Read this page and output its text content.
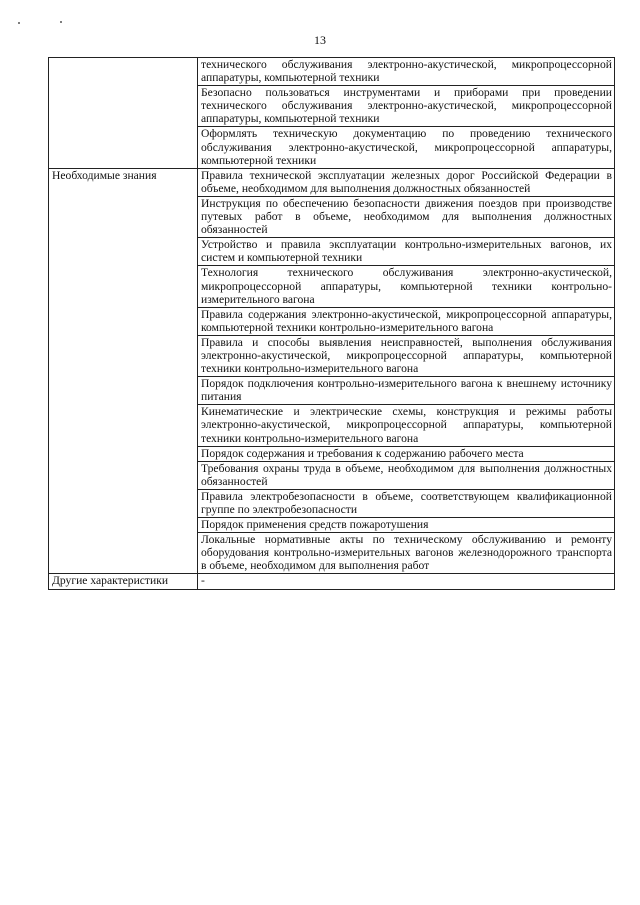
13
	технического обслуживания электронно-акустической, микропроцессорной аппаратуры, компьютерной техники
	Безопасно пользоваться инструментами и приборами при проведении технического обслуживания электронно-акустической, микропроцессорной аппаратуры, компьютерной техники
	Оформлять техническую документацию по проведению технического обслуживания электронно-акустической, микропроцессорной аппаратуры, компьютерной техники
Необходимые знания	Правила технической эксплуатации железных дорог Российской Федерации в объеме, необходимом для выполнения должностных обязанностей
	Инструкция по обеспечению безопасности движения поездов при производстве путевых работ в объеме, необходимом для выполнения должностных обязанностей
	Устройство и правила эксплуатации контрольно-измерительных вагонов, их систем и компьютерной техники
	Технология технического обслуживания электронно-акустической, микропроцессорной аппаратуры, компьютерной техники контрольно-измерительного вагона
	Правила содержания электронно-акустической, микропроцессорной аппаратуры, компьютерной техники контрольно-измерительного вагона
	Правила и способы выявления неисправностей, выполнения обслуживания электронно-акустической, микропроцессорной аппаратуры, компьютерной техники контрольно-измерительного вагона
	Порядок подключения контрольно-измерительного вагона к внешнему источнику питания
	Кинематические и электрические схемы, конструкция и режимы работы электронно-акустической, микропроцессорной аппаратуры, компьютерной техники контрольно-измерительного вагона
	Порядок содержания и требования к содержанию рабочего места
	Требования охраны труда в объеме, необходимом для выполнения должностных обязанностей
	Правила электробезопасности в объеме, соответствующем квалификационной группе по электробезопасности
	Порядок применения средств пожаротушения
	Локальные нормативные акты по техническому обслуживанию и ремонту оборудования контрольно-измерительных вагонов железнодорожного транспорта в объеме, необходимом для выполнения работ
Другие характеристики	-
